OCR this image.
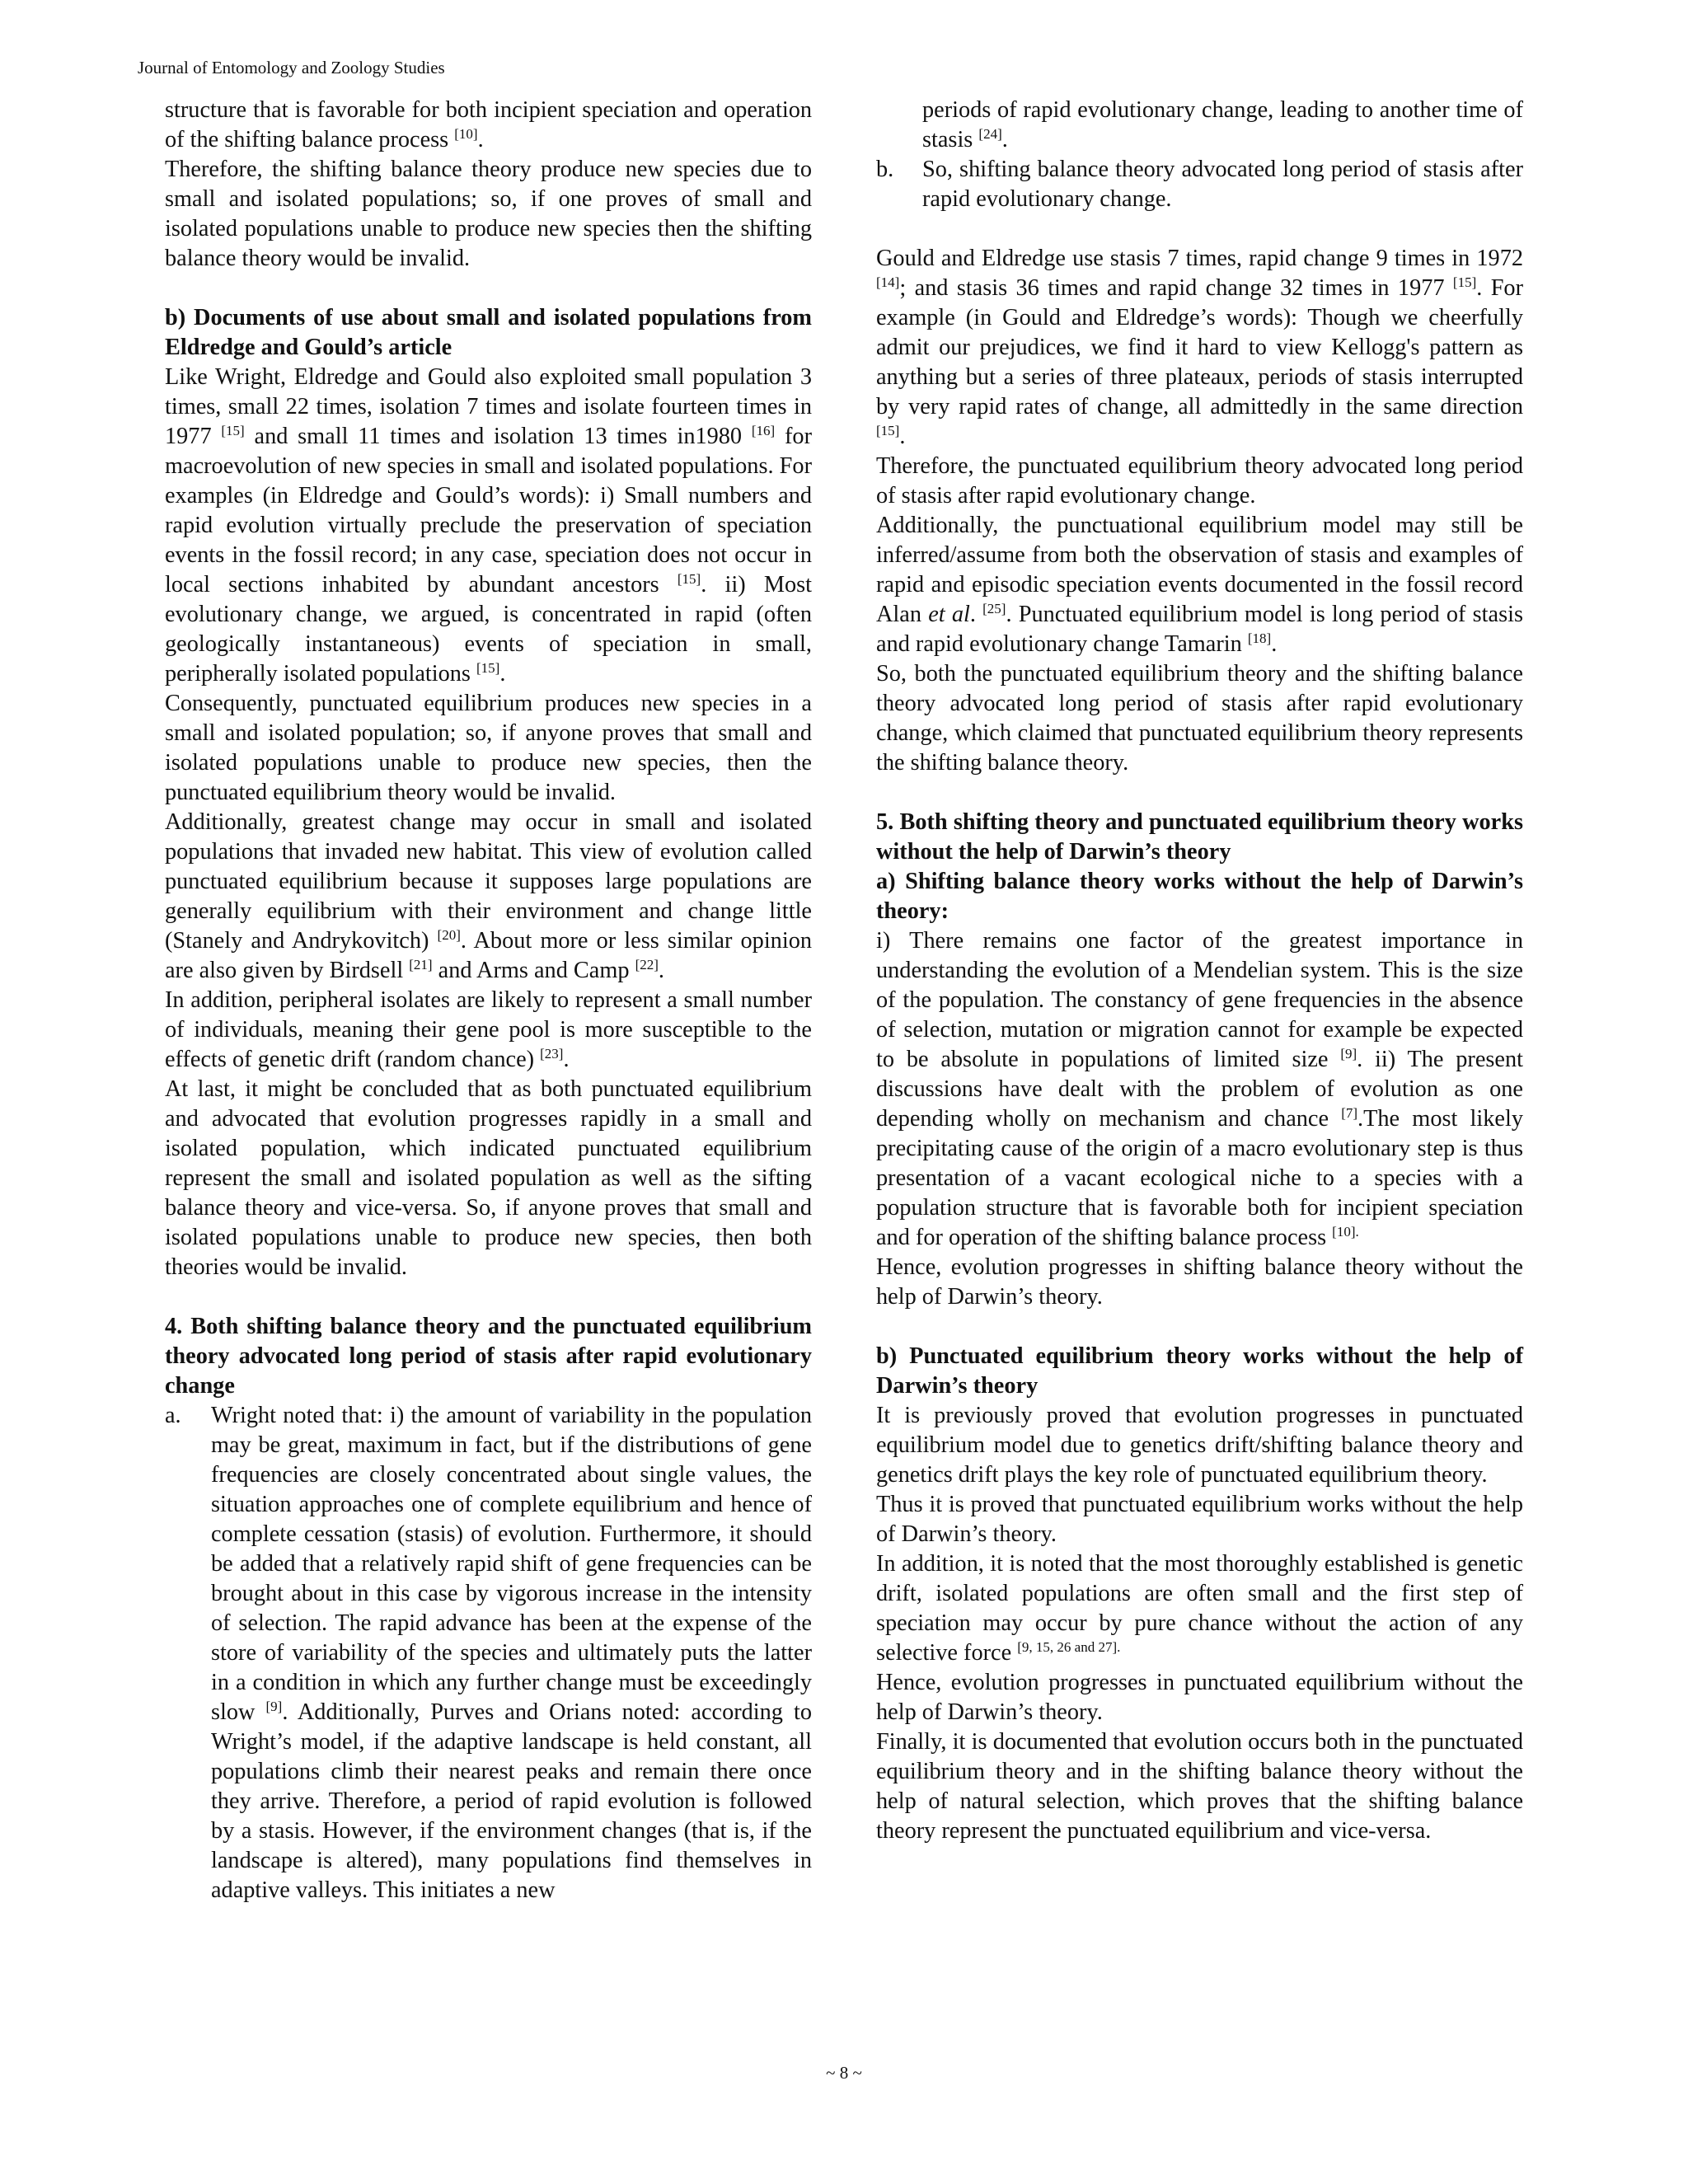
Journal of Entomology and Zoology Studies

structure that is favorable for both incipient speciation and operation of the shifting balance process [10].

Therefore, the shifting balance theory produce new species due to small and isolated populations; so, if one proves of small and isolated populations unable to produce new species then the shifting balance theory would be invalid.

b) Documents of use about small and isolated populations from Eldredge and Gould’s article

Like Wright, Eldredge and Gould also exploited small population 3 times, small 22 times, isolation 7 times and isolate fourteen times in 1977 [15] and small 11 times and isolation 13 times in1980 [16] for macroevolution of new species in small and isolated populations. For examples (in Eldredge and Gould’s words): i) Small numbers and rapid evolution virtually preclude the preservation of speciation events in the fossil record; in any case, speciation does not occur in local sections inhabited by abundant ancestors [15]. ii) Most evolutionary change, we argued, is concentrated in rapid (often geologically instantaneous) events of speciation in small, peripherally isolated populations [15].

Consequently, punctuated equilibrium produces new species in a small and isolated population; so, if anyone proves that small and isolated populations unable to produce new species, then the punctuated equilibrium theory would be invalid.

Additionally, greatest change may occur in small and isolated populations that invaded new habitat. This view of evolution called punctuated equilibrium because it supposes large populations are generally equilibrium with their environment and change little (Stanely and Andrykovitch) [20]. About more or less similar opinion are also given by Birdsell [21] and Arms and Camp [22].

In addition, peripheral isolates are likely to represent a small number of individuals, meaning their gene pool is more susceptible to the effects of genetic drift (random chance) [23].

At last, it might be concluded that as both punctuated equilibrium and advocated that evolution progresses rapidly in a small and isolated population, which indicated punctuated equilibrium represent the small and isolated population as well as the sifting balance theory and vice-versa. So, if anyone proves that small and isolated populations unable to produce new species, then both theories would be invalid.

4. Both shifting balance theory and the punctuated equilibrium theory advocated long period of stasis after rapid evolutionary change

a.	Wright noted that: i) the amount of variability in the population may be great, maximum in fact, but if the distributions of gene frequencies are closely concentrated about single values, the situation approaches one of complete equilibrium and hence of complete cessation (stasis) of evolution. Furthermore, it should be added that a relatively rapid shift of gene frequencies can be brought about in this case by vigorous increase in the intensity of selection. The rapid advance has been at the expense of the store of variability of the species and ultimately puts the latter in a condition in which any further change must be exceedingly slow [9]. Additionally, Purves and Orians noted: according to Wright’s model, if the adaptive landscape is held constant, all populations climb their nearest peaks and remain there once they arrive. Therefore, a period of rapid evolution is followed by a stasis. However, if the environment changes (that is, if the landscape is altered), many populations find themselves in adaptive valleys. This initiates a new

periods of rapid evolutionary change, leading to another time of stasis [24].

b.	So, shifting balance theory advocated long period of stasis after rapid evolutionary change.

Gould and Eldredge use stasis 7 times, rapid change 9 times in 1972 [14]; and stasis 36 times and rapid change 32 times in 1977 [15]. For example (in Gould and Eldredge’s words): Though we cheerfully admit our prejudices, we find it hard to view Kellogg's pattern as anything but a series of three plateaux, periods of stasis interrupted by very rapid rates of change, all admittedly in the same direction [15].

Therefore, the punctuated equilibrium theory advocated long period of stasis after rapid evolutionary change.

Additionally, the punctuational equilibrium model may still be inferred/assume from both the observation of stasis and examples of rapid and episodic speciation events documented in the fossil record Alan et al. [25]. Punctuated equilibrium model is long period of stasis and rapid evolutionary change Tamarin [18].

So, both the punctuated equilibrium theory and the shifting balance theory advocated long period of stasis after rapid evolutionary change, which claimed that punctuated equilibrium theory represents the shifting balance theory.

5. Both shifting theory and punctuated equilibrium theory works without the help of Darwin’s theory

a) Shifting balance theory works without the help of Darwin’s theory:

i) There remains one factor of the greatest importance in understanding the evolution of a Mendelian system. This is the size of the population. The constancy of gene frequencies in the absence of selection, mutation or migration cannot for example be expected to be absolute in populations of limited size [9]. ii) The present discussions have dealt with the problem of evolution as one depending wholly on mechanism and chance [7].The most likely precipitating cause of the origin of a macro evolutionary step is thus presentation of a vacant ecological niche to a species with a population structure that is favorable both for incipient speciation and for operation of the shifting balance process $^{[10].}$

Hence, evolution progresses in shifting balance theory without the help of Darwin’s theory.

b) Punctuated equilibrium theory works without the help of Darwin’s theory

It is previously proved that evolution progresses in punctuated equilibrium model due to genetics drift/shifting balance theory and genetics drift plays the key role of punctuated equilibrium theory.

Thus it is proved that punctuated equilibrium works without the help of Darwin’s theory.

In addition, it is noted that the most thoroughly established is genetic drift, isolated populations are often small and the first step of speciation may occur by pure chance without the action of any selective force $^{[9, 15, 26 and 27].}$

Hence, evolution progresses in punctuated equilibrium without the help of Darwin’s theory.

Finally, it is documented that evolution occurs both in the punctuated equilibrium theory and in the shifting balance theory without the help of natural selection, which proves that the shifting balance theory represent the punctuated equilibrium and vice-versa.

~ 8 ~
